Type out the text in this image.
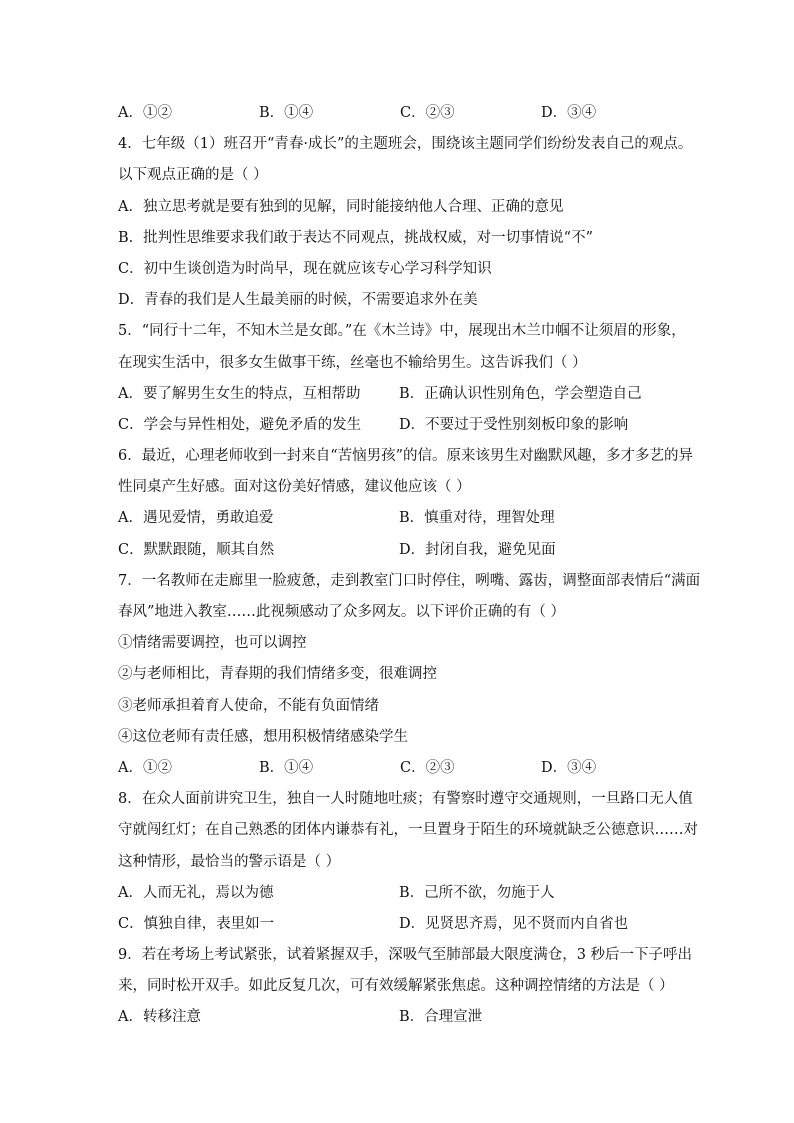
A．①②	B．①④	C．②③	D．③④
4．七年级（1）班召开“青春·成长”的主题班会，围绕该主题同学们纷纷发表自己的观点。
以下观点正确的是（ ）
A．独立思考就是要有独到的见解，同时能接纳他人合理、正确的意见
B．批判性思维要求我们敢于表达不同观点，挑战权威，对一切事情说“不”
C．初中生谈创造为时尚早，现在就应该专心学习科学知识
D．青春的我们是人生最美丽的时候，不需要追求外在美
5．“同行十二年，不知木兰是女郎。”在《木兰诗》中，展现出木兰巾帼不让须眉的形象，
在现实生活中，很多女生做事干练，丝毫也不输给男生。这告诉我们（ ）
A．要了解男生女生的特点，互相帮助	B．正确认识性别角色，学会塑造自己
C．学会与异性相处，避免矛盾的发生	D．不要过于受性别刻板印象的影响
6．最近，心理老师收到一封来自“苦恼男孩”的信。原来该男生对幽默风趣，多才多艺的异
性同桌产生好感。面对这份美好情感，建议他应该（ ）
A．遇见爱情，勇敢追爱	B．慎重对待，理智处理
C．默默跟随，顺其自然	D．封闭自我，避免见面
7．一名教师在走廊里一脸疲惫，走到教室门口时停住，咧嘴、露齿，调整面部表情后“满面
春风”地进入教室……此视频感动了众多网友。以下评价正确的有（ ）
①情绪需要调控，也可以调控
②与老师相比，青春期的我们情绪多变，很难调控
③老师承担着育人使命，不能有负面情绪
④这位老师有责任感，想用积极情绪感染学生
A．①②	B．①④	C．②③	D．③④
8．在众人面前讲究卫生，独自一人时随地吐痰；有警察时遵守交通规则，一旦路口无人值
守就闯红灯；在自己熟悉的团体内谦恭有礼，一旦置身于陌生的环境就缺乏公德意识……对
这种情形，最恰当的警示语是（ ）
A．人而无礼，焉以为德	B．己所不欲，勿施于人
C．慎独自律，表里如一	D．见贤思齐焉，见不贤而内自省也
9．若在考场上考试紧张，试着紧握双手，深吸气至肺部最大限度满仓，3 秒后一下子呼出
来，同时松开双手。如此反复几次，可有效缓解紧张焦虑。这种调控情绪的方法是（ ）
A．转移注意	B．合理宣泄
